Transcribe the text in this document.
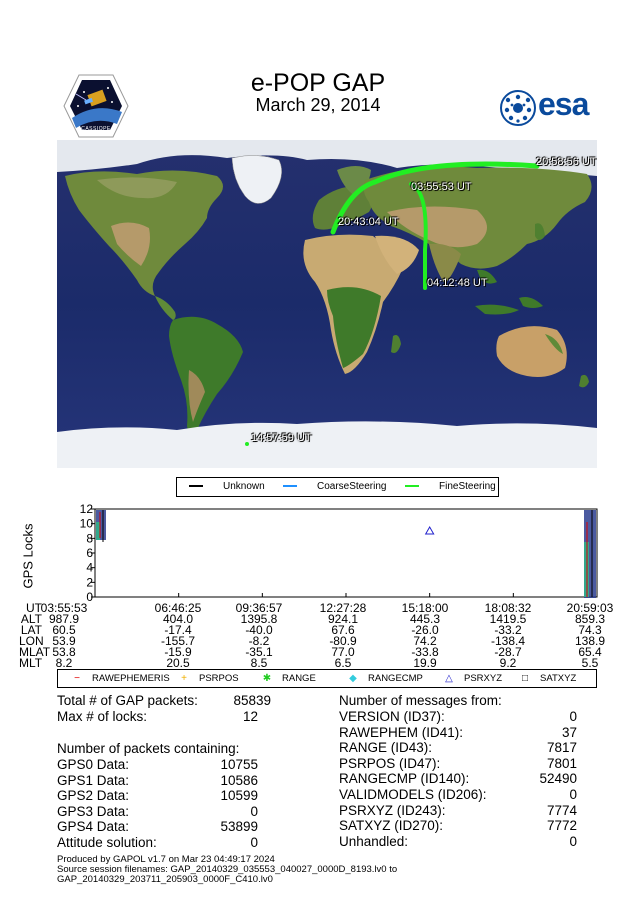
CASSIOPE
e-POP GAP
March 29, 2014	esa
20:58:56 UT
03:55:53 UT
20:43:04 UT
04:12:48 UT
14:57:59 UT
Unknown	CoarseSteering	FineSteering
GPS Locks
0
2
4
6
8
10
12
UT
03:55:53	06:46:25	09:36:57	12:27:28	15:18:00	18:08:32	20:59:03
ALT 987.9	404.0	1395.8	924.1	445.3	1419.5	859.3
LAT 60.5	-17.4	-40.0	67.6	-26.0	-33.2	74.3
LON 53.9	-155.7	-8.2	-80.9	74.2	-138.4	138.9
MLAT 53.8	-15.9	-35.1	77.0	-33.8	-28.7	65.4
MLT	8.2	20.5	8.5	6.5	19.9	9.2	5.5
− RAWEPHEMERIS	+ PSRPOS	✱ RANGE	◆ RANGECMP	△ PSRXYZ	□ SATXYZ
Total # of GAP packets:	85839
Max # of locks:	12
Number of packets containing:
GPS0 Data:	10755
GPS1 Data:	10586
GPS2 Data:	10599
GPS3 Data:	0
GPS4 Data:	53899
Attitude solution:	0
Number of messages from:
VERSION (ID37):	0
RAWEPHEM (ID41):	37
RANGE (ID43):	7817
PSRPOS (ID47):	7801
RANGECMP (ID140):	52490
VALIDMODELS (ID206):	0
PSRXYZ (ID243):	7774
SATXYZ (ID270):	7772
Unhandled:	0
Produced by GAPOL v1.7 on Mar 23 04:49:17 2024
Source session filenames: GAP_20140329_035553_040027_0000D_8193.lv0 to
GAP_20140329_203711_205903_0000F_C410.lv0
